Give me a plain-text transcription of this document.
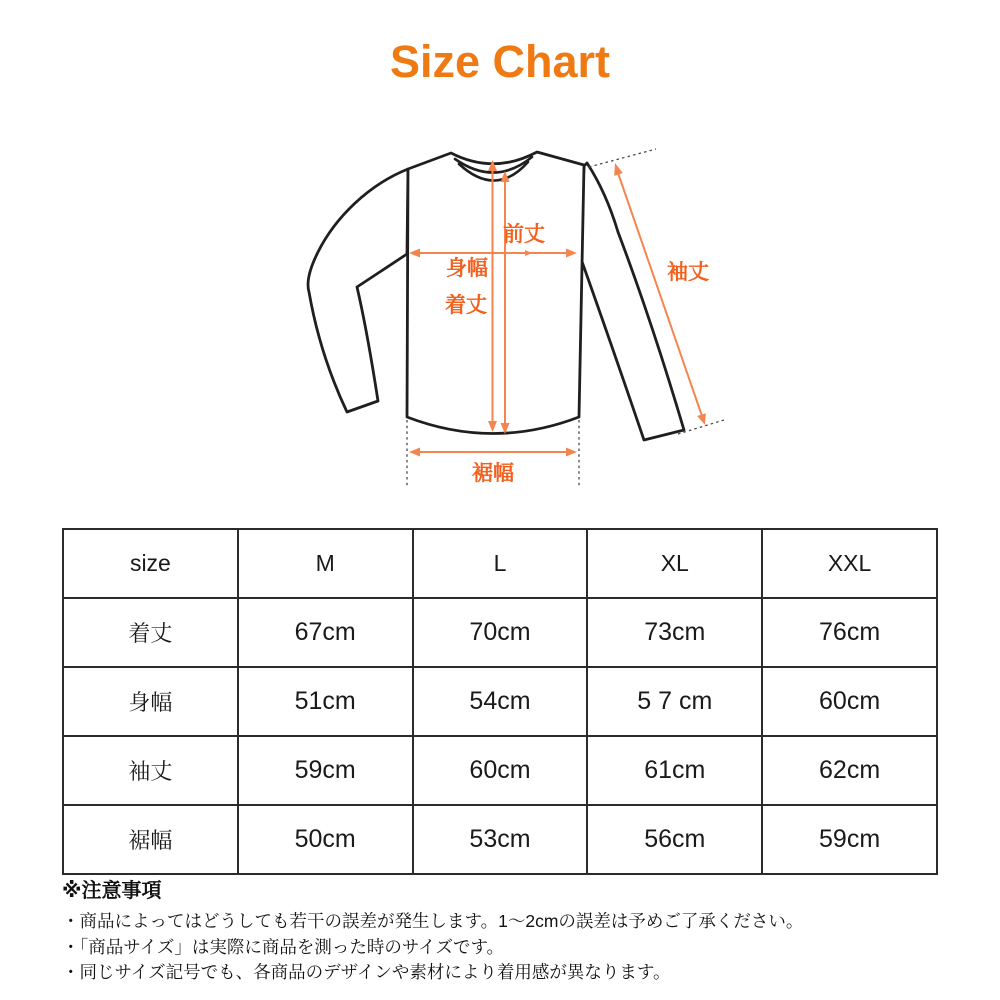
Size Chart
前丈
身幅
着丈
袖丈
裾幅
size	M	L	XL	XXL
着丈	67cm	70cm	73cm	76cm
身幅	51cm	54cm	5 7 cm	60cm
袖丈	59cm	60cm	61cm	62cm
裾幅	50cm	53cm	56cm	59cm

※注意事項

・商品によってはどうしても若干の誤差が発生します。1～2cmの誤差は予めご了承ください。

・「商品サイズ」は実際に商品を測った時のサイズです。

・同じサイズ記号でも、各商品のデザインや素材により着用感が異なります。
